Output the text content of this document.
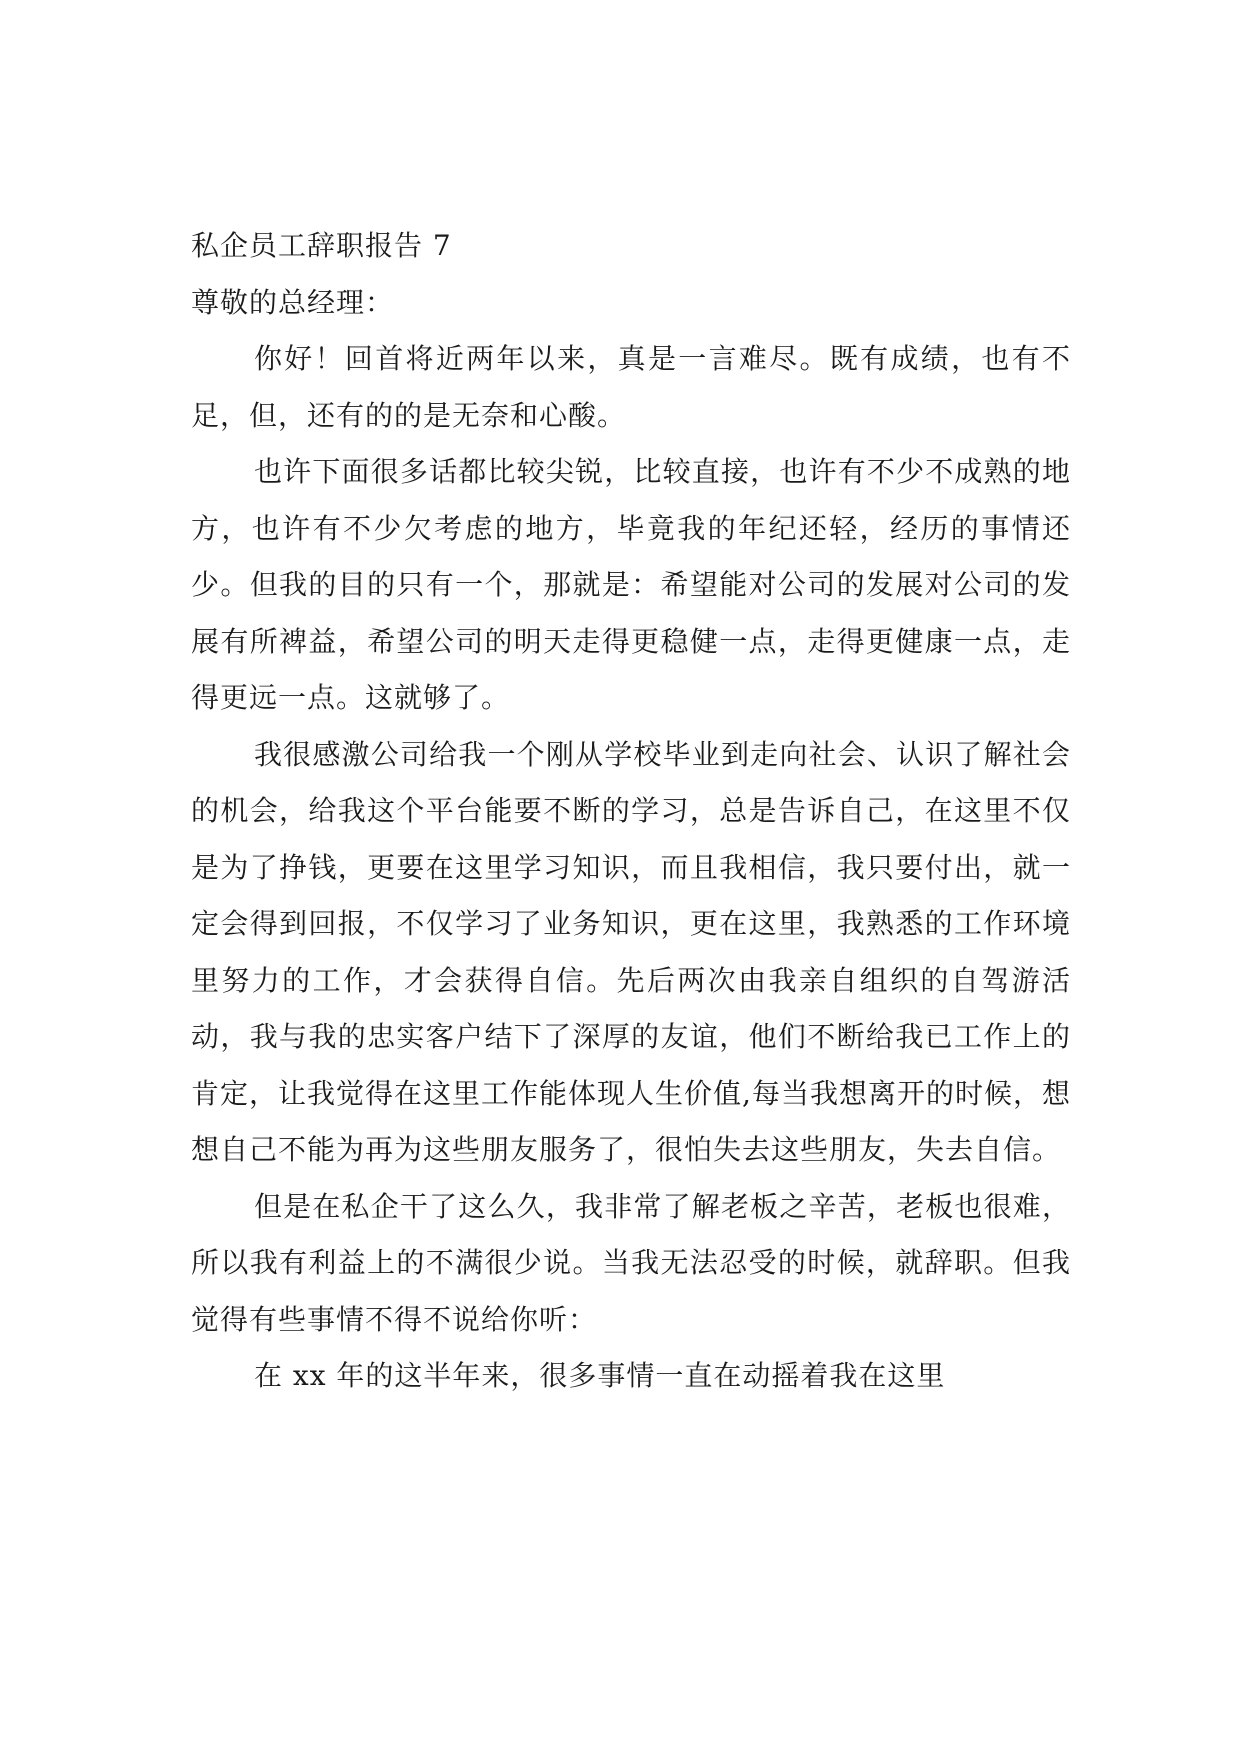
私企员工辞职报告 7

尊敬的总经理：

你好！回首将近两年以来，真是一言难尽。既有成绩，也有不足，但，还有的的是无奈和心酸。

也许下面很多话都比较尖锐，比较直接，也许有不少不成熟的地方，也许有不少欠考虑的地方，毕竟我的年纪还轻，经历的事情还少。但我的目的只有一个，那就是：希望能对公司的发展对公司的发展有所裨益，希望公司的明天走得更稳健一点，走得更健康一点，走得更远一点。这就够了。

我很感激公司给我一个刚从学校毕业到走向社会、认识了解社会的机会，给我这个平台能要不断的学习，总是告诉自己，在这里不仅是为了挣钱，更要在这里学习知识，而且我相信，我只要付出，就一定会得到回报，不仅学习了业务知识，更在这里，我熟悉的工作环境里努力的工作，才会获得自信。先后两次由我亲自组织的自驾游活动，我与我的忠实客户结下了深厚的友谊，他们不断给我已工作上的肯定，让我觉得在这里工作能体现人生价值,每当我想离开的时候，想想自己不能为再为这些朋友服务了，很怕失去这些朋友，失去自信。

但是在私企干了这么久，我非常了解老板之辛苦，老板也很难，所以我有利益上的不满很少说。当我无法忍受的时候，就辞职。但我觉得有些事情不得不说给你听：

在 xx 年的这半年来，很多事情一直在动摇着我在这里
